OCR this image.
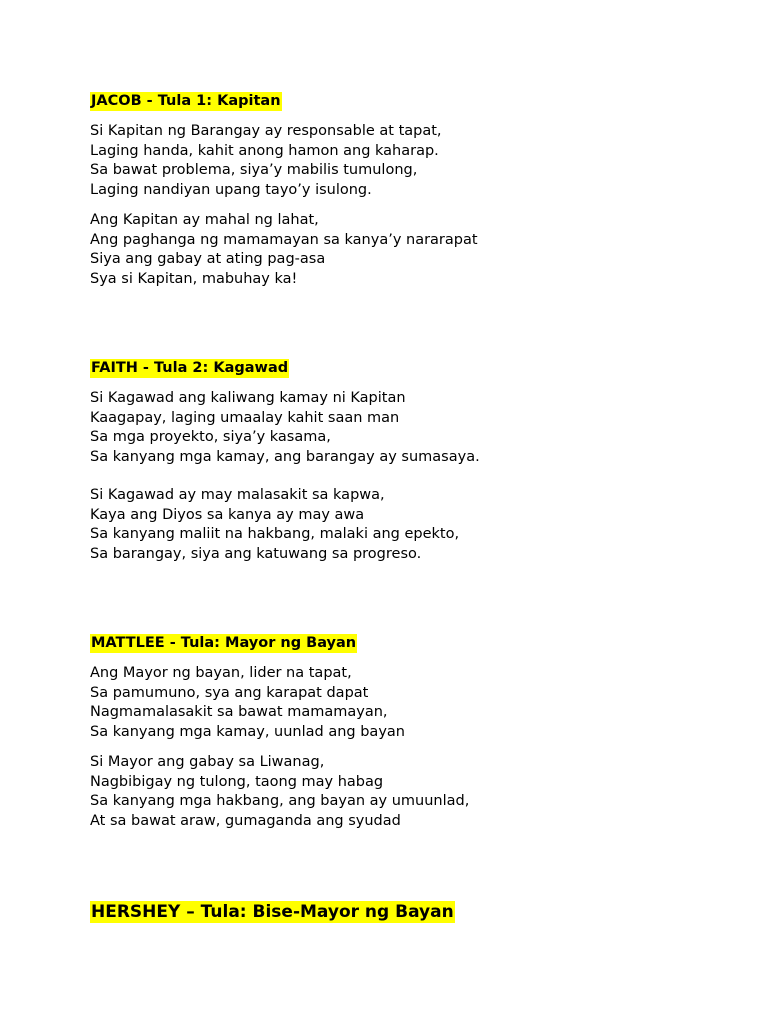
JACOB - Tula 1: Kapitan

Si Kapitan ng Barangay ay responsable at tapat,
Laging handa, kahit anong hamon ang kaharap.
Sa bawat problema, siya’y mabilis tumulong,
Laging nandiyan upang tayo’y isulong.

Ang Kapitan ay mahal ng lahat,
Ang paghanga ng mamamayan sa kanya’y nararapat
Siya ang gabay at ating pag-asa
Sya si Kapitan, mabuhay ka!

FAITH - Tula 2: Kagawad

Si Kagawad ang kaliwang kamay ni Kapitan
Kaagapay, laging umaalay kahit saan man
Sa mga proyekto, siya’y kasama,
Sa kanyang mga kamay, ang barangay ay sumasaya.

Si Kagawad ay may malasakit sa kapwa,
Kaya ang Diyos sa kanya ay may awa
Sa kanyang maliit na hakbang, malaki ang epekto,
Sa barangay, siya ang katuwang sa progreso.

MATTLEE - Tula: Mayor ng Bayan

Ang Mayor ng bayan, lider na tapat,
Sa pamumuno, sya ang karapat dapat
Nagmamalasakit sa bawat mamamayan,
Sa kanyang mga kamay, uunlad ang bayan

Si Mayor ang gabay sa Liwanag,
Nagbibigay ng tulong, taong may habag
Sa kanyang mga hakbang, ang bayan ay umuunlad,
At sa bawat araw, gumaganda ang syudad

HERSHEY – Tula: Bise-Mayor ng Bayan
